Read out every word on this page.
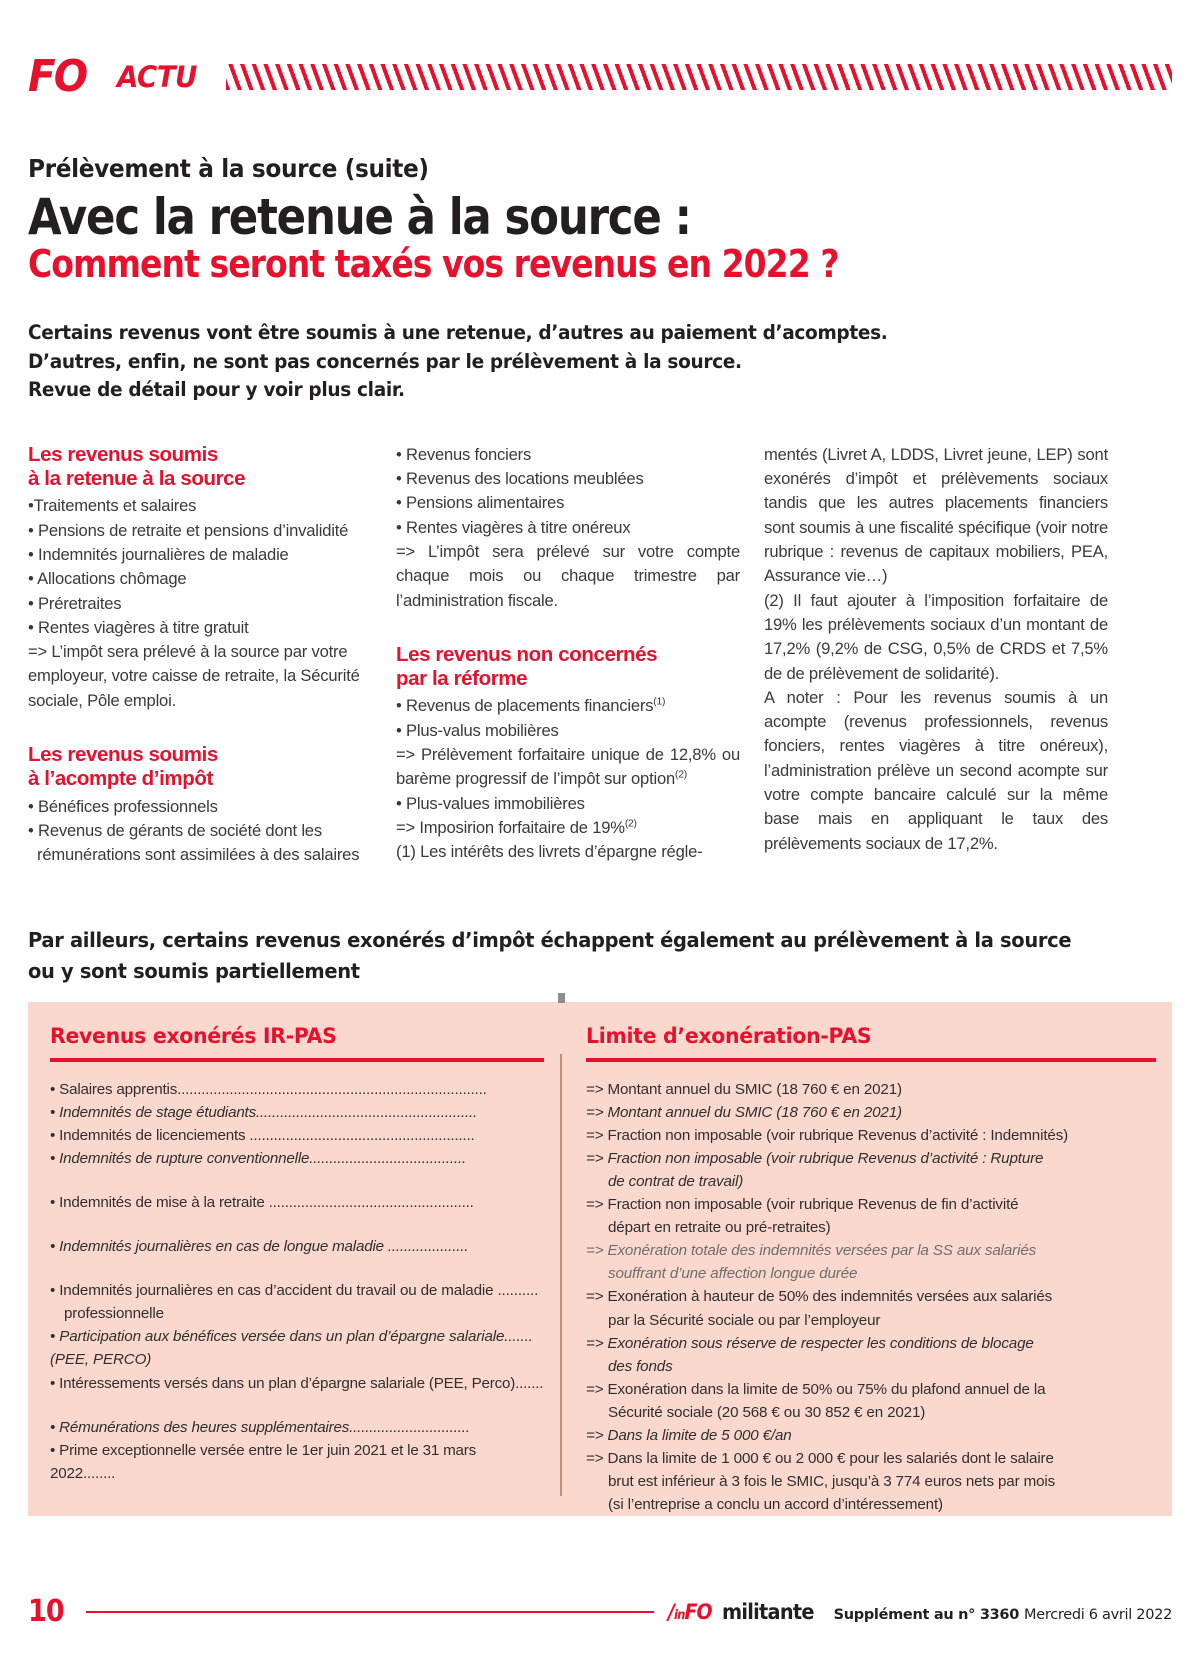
FO ACTU
Prélèvement à la source (suite)
Avec la retenue à la source :
Comment seront taxés vos revenus en 2022 ?
Certains revenus vont être soumis à une retenue, d’autres au paiement d’acomptes.
D’autres, enfin, ne sont pas concernés par le prélèvement à la source.
Revue de détail pour y voir plus clair.
Les revenus soumis
à la retenue à la source
•Traitements et salaires
• Pensions de retraite et pensions d’invalidité
• Indemnités journalières de maladie
• Allocations chômage
• Préretraites
• Rentes viagères à titre gratuit

=> L’impôt sera prélevé à la source par votre employeur, votre caisse de retraite, la Sécurité sociale, Pôle emploi.

Les revenus soumis
à l’acompte d’impôt
• Bénéfices professionnels
• Revenus de gérants de société dont les rémunérations sont assimilées à des salaires
• Revenus fonciers
• Revenus des locations meublées
• Pensions alimentaires
• Rentes viagères à titre onéreux

=> L’impôt sera prélevé sur votre compte chaque mois ou chaque trimestre par l’administration fiscale.

Les revenus non concernés
par la réforme
• Revenus de placements financiers$^{(1)}$
• Plus-valus mobilières

=> Prélèvement forfaitaire unique de 12,8% ou barème progressif de l’impôt sur option$^{(2)}$

• Plus-values immobilières

=> Imposirion forfaitaire de 19%$^{(2)}$

(1) Les intérêts des livrets d’épargne régle-

mentés (Livret A, LDDS, Livret jeune, LEP) sont exonérés d’impôt et prélèvements sociaux tandis que les autres placements financiers sont soumis à une fiscalité spécifique (voir notre rubrique : revenus de capitaux mobiliers, PEA, Assurance vie…)

(2) Il faut ajouter à l’imposition forfaitaire de 19% les prélèvements sociaux d’un montant de 17,2% (9,2% de CSG, 0,5% de CRDS et 7,5% de de prélèvement de solidarité).

A noter : Pour les revenus soumis à un acompte (revenus professionnels, revenus fonciers, rentes viagères à titre onéreux), l’administration prélève un second acompte sur votre compte bancaire calculé sur la même base mais en appliquant le taux des prélèvements sociaux de 17,2%.

Par ailleurs, certains revenus exonérés d’impôt échappent également au prélèvement à la source
ou y sont soumis partiellement
Revenus exonérés IR-PAS
• Salaires apprentis.............................................................................
• Indemnités de stage étudiants.......................................................
• Indemnités de licenciements ........................................................
• Indemnités de rupture conventionnelle.......................................
• Indemnités de mise à la retraite ...................................................
• Indemnités journalières en cas de longue maladie ....................
• Indemnités journalières en cas d’accident du travail ou de maladie ..........
professionnelle
• Participation aux bénéfices versée dans un plan d’épargne salariale.......
(PEE, PERCO)
• Intéressements versés dans un plan d’épargne salariale (PEE, Perco).......
• Rémunérations des heures supplémentaires..............................
• Prime exceptionnelle versée entre le 1er juin 2021 et le 31 mars 2022........
Limite d’exonération-PAS
=> Montant annuel du SMIC (18 760 € en 2021)
=> Montant annuel du SMIC (18 760 € en 2021)
=> Fraction non imposable (voir rubrique Revenus d’activité : Indemnités)
=> Fraction non imposable (voir rubrique Revenus d’activité : Rupture
de contrat de travail)
=> Fraction non imposable (voir rubrique Revenus de fin d’activité
départ en retraite ou pré-retraites)
=> Exonération totale des indemnités versées par la SS aux salariés
souffrant d’une affection longue durée
=> Exonération à hauteur de 50% des indemnités versées aux salariés
par la Sécurité sociale ou par l’employeur
=> Exonération sous réserve de respecter les conditions de blocage
des fonds
=> Exonération dans la limite de 50% ou 75% du plafond annuel de la
Sécurité sociale (20 568 € ou 30 852 € en 2021)
=> Dans la limite de 5 000 €/an
=> Dans la limite de 1 000 € ou 2 000 € pour les salariés dont le salaire
brut est inférieur à 3 fois le SMIC, jusqu’à 3 774 euros nets par mois
(si l’entreprise a conclu un accord d’intéressement)
10	/inFO militante Supplément au n° 3360 Mercredi 6 avril 2022
